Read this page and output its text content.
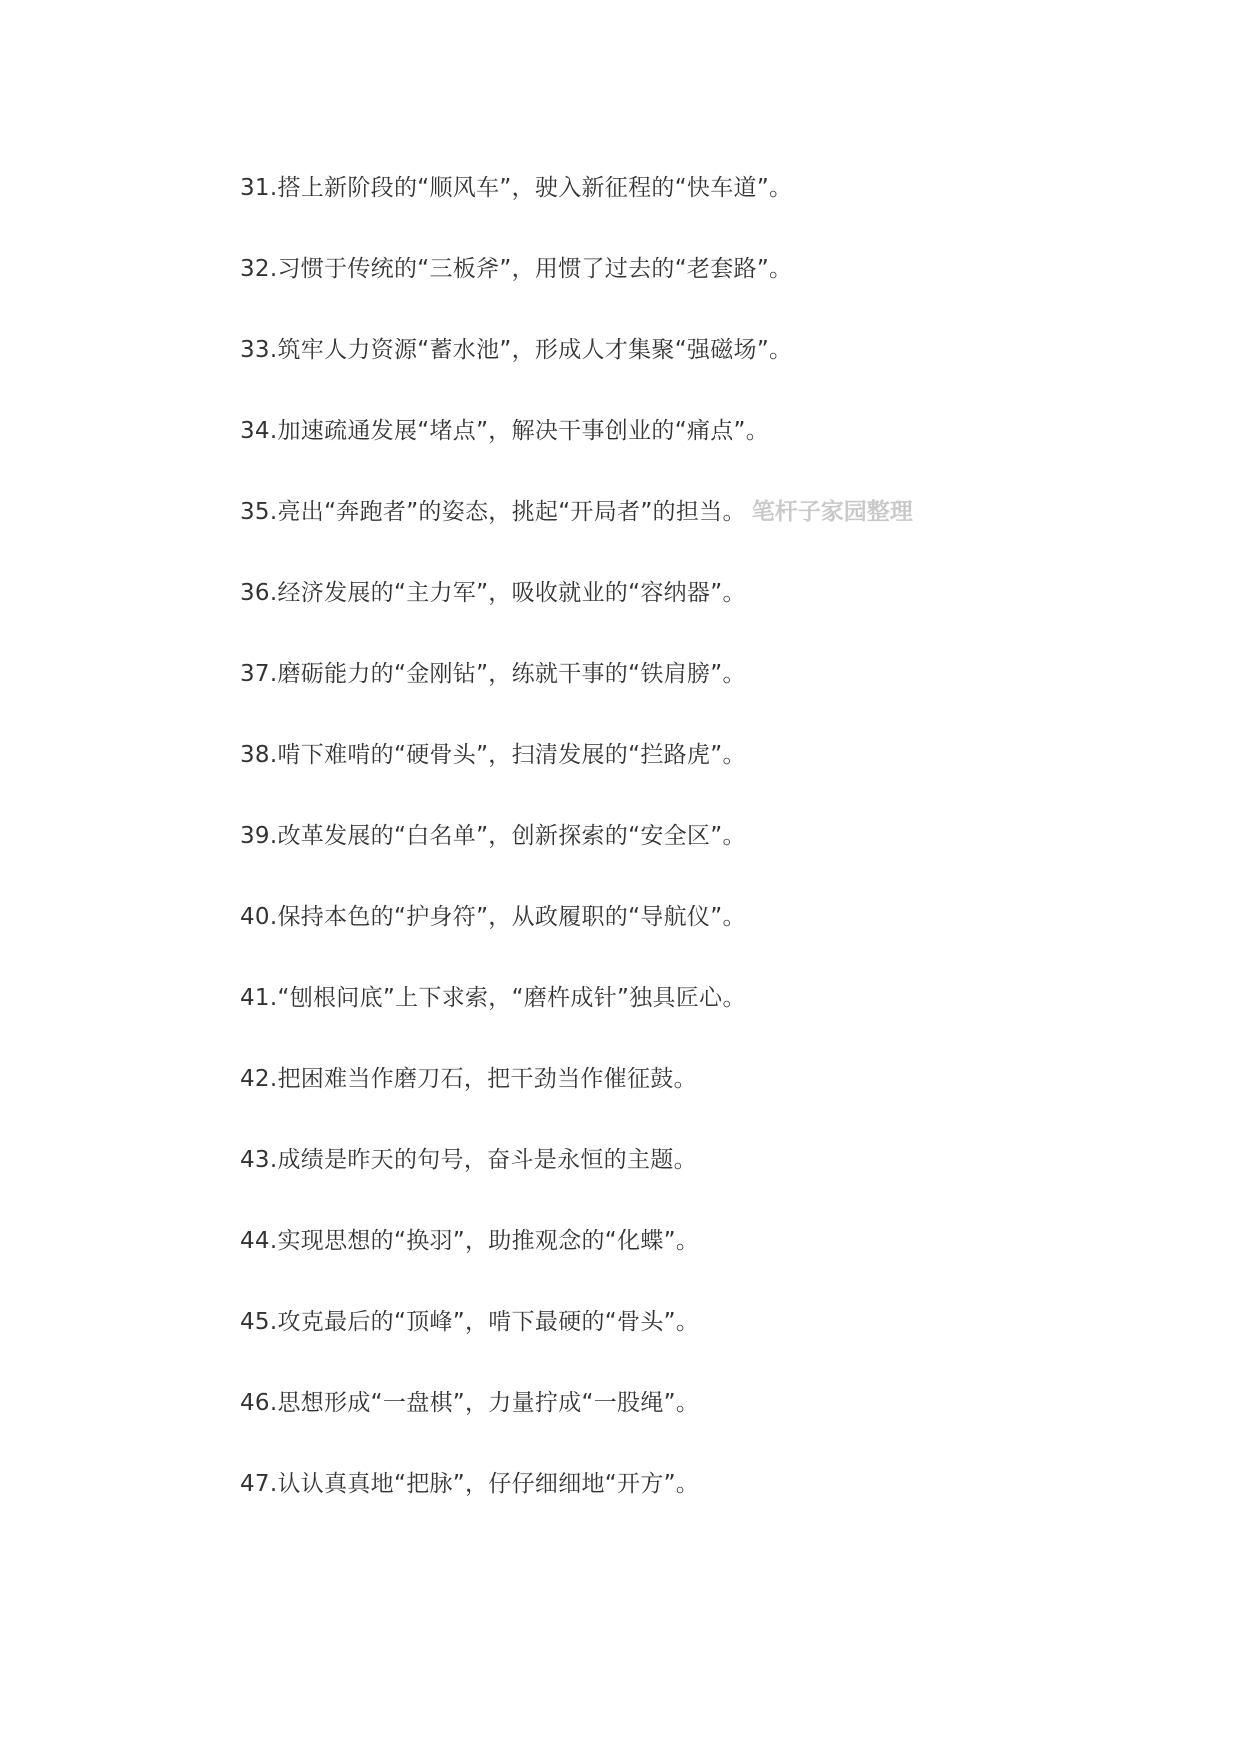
31.搭上新阶段的“顺风车”，驶入新征程的“快车道”。
32.习惯于传统的“三板斧”，用惯了过去的“老套路”。
33.筑牢人力资源“蓄水池”，形成人才集聚“强磁场”。
34.加速疏通发展“堵点”，解决干事创业的“痛点”。
35.亮出“奔跑者”的姿态，挑起“开局者”的担当。 笔杆子家园整理
36.经济发展的“主力军”，吸收就业的“容纳器”。
37.磨砺能力的“金刚钻”，练就干事的“铁肩膀”。
38.啃下难啃的“硬骨头”，扫清发展的“拦路虎”。
39.改革发展的“白名单”，创新探索的“安全区”。
40.保持本色的“护身符”，从政履职的“导航仪”。
41.“刨根问底”上下求索，“磨杵成针”独具匠心。
42.把困难当作磨刀石，把干劲当作催征鼓。
43.成绩是昨天的句号，奋斗是永恒的主题。
44.实现思想的“换羽”，助推观念的“化蝶”。
45.攻克最后的“顶峰”，啃下最硬的“骨头”。
46.思想形成“一盘棋”，力量拧成“一股绳”。
47.认认真真地“把脉”，仔仔细细地“开方”。
